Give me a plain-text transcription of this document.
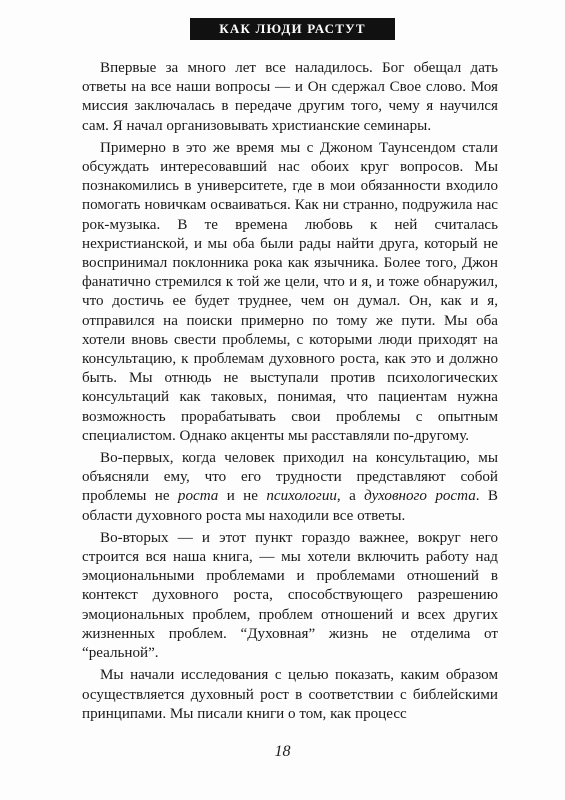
КАК ЛЮДИ РАСТУТ

Впервые за много лет все наладилось. Бог обещал дать ответы на все наши вопросы — и Он сдержал Свое слово. Моя миссия заключалась в передаче другим того, чему я научился сам. Я начал организовывать христианские семинары.

Примерно в это же время мы с Джоном Таунсендом стали обсуждать интересовавший нас обоих круг вопросов. Мы познакомились в университете, где в мои обязанности входило помогать новичкам осваиваться. Как ни странно, подружила нас рок-музыка. В те времена любовь к ней считалась нехристианской, и мы оба были рады найти друга, который не воспринимал поклонника рока как язычника. Более того, Джон фанатично стремился к той же цели, что и я, и тоже обнаружил, что достичь ее будет труднее, чем он думал. Он, как и я, отправился на поиски примерно по тому же пути. Мы оба хотели вновь свести проблемы, с которыми люди приходят на консультацию, к проблемам духовного роста, как это и должно быть. Мы отнюдь не выступали против психологических консультаций как таковых, понимая, что пациентам нужна возможность прорабатывать свои проблемы с опытным специалистом. Однако акценты мы расставляли по-другому.

Во-первых, когда человек приходил на консультацию, мы объясняли ему, что его трудности представляют собой проблемы не роста и не психологии, а духовного роста. В области духовного роста мы находили все ответы.

Во-вторых — и этот пункт гораздо важнее, вокруг него строится вся наша книга, — мы хотели включить работу над эмоциональными проблемами и проблемами отношений в контекст духовного роста, способствующего разрешению эмоциональных проблем, проблем отношений и всех других жизненных проблем. “Духовная” жизнь не отделима от “реальной”.

Мы начали исследования с целью показать, каким образом осуществляется духовный рост в соответствии с библейскими принципами. Мы писали книги о том, как процесс

18
